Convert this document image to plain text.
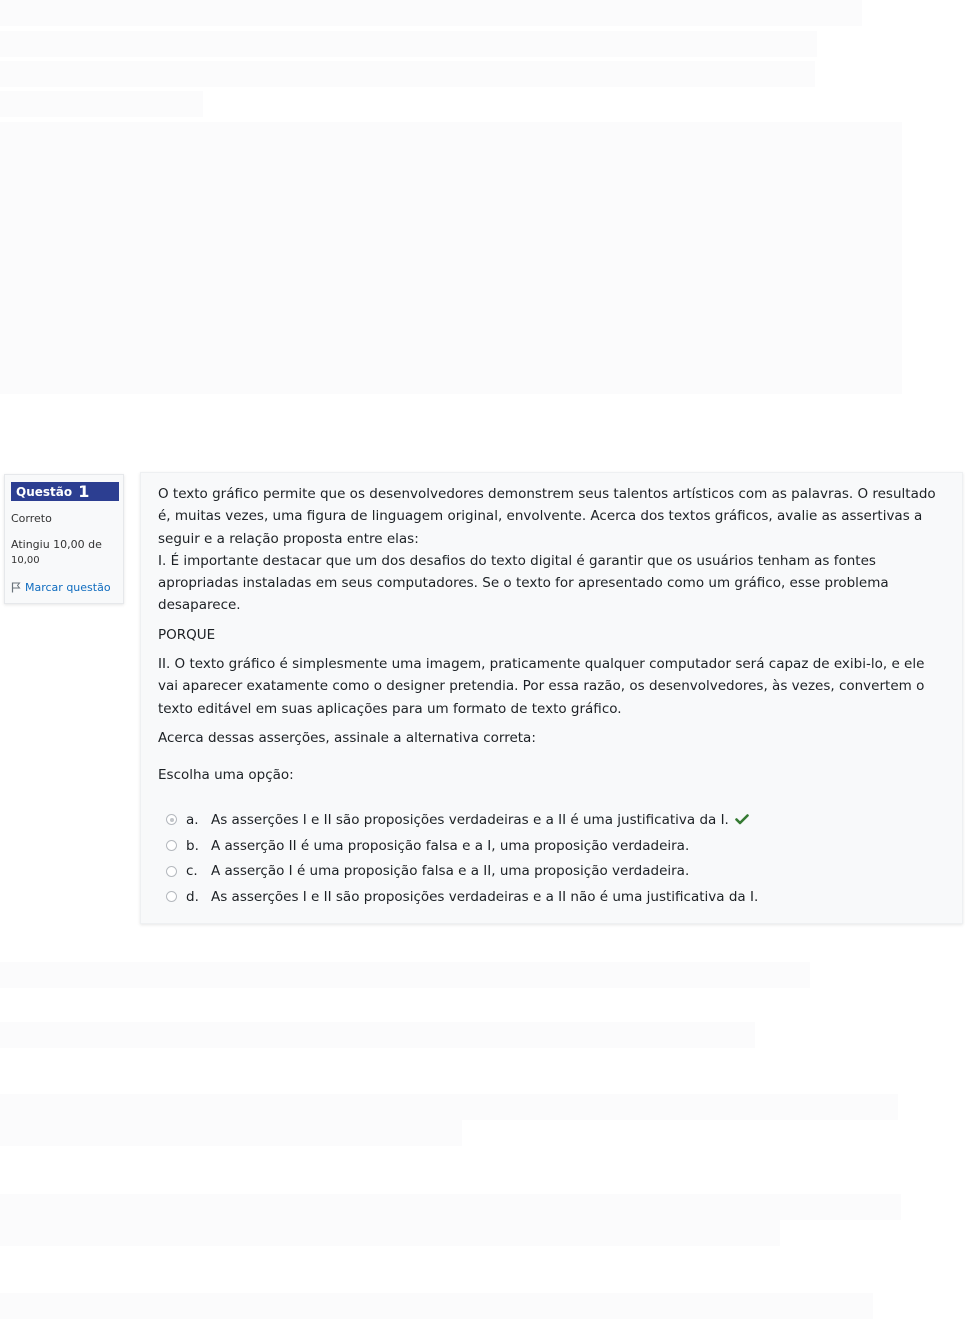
Questão 1
Correto
Atingiu 10,00 de
10,00
Marcar questão

O texto gráfico permite que os desenvolvedores demonstrem seus talentos artísticos com as palavras. O resultado é, muitas vezes, uma figura de linguagem original, envolvente. Acerca dos textos gráficos, avalie as assertivas a seguir e a relação proposta entre elas:

I. É importante destacar que um dos desafios do texto digital é garantir que os usuários tenham as fontes apropriadas instaladas em seus computadores. Se o texto for apresentado como um gráfico, esse problema desaparece.

PORQUE

II. O texto gráfico é simplesmente uma imagem, praticamente qualquer computador será capaz de exibi-lo, e ele vai aparecer exatamente como o designer pretendia. Por essa razão, os desenvolvedores, às vezes, convertem o texto editável em suas aplicações para um formato de texto gráfico.

Acerca dessas asserções, assinale a alternativa correta:

Escolha uma opção:
a. As asserções I e II são proposições verdadeiras e a II é uma justificativa da I.
b. A asserção II é uma proposição falsa e a I, uma proposição verdadeira.
c. A asserção I é uma proposição falsa e a II, uma proposição verdadeira.
d. As asserções I e II são proposições verdadeiras e a II não é uma justificativa da I.
